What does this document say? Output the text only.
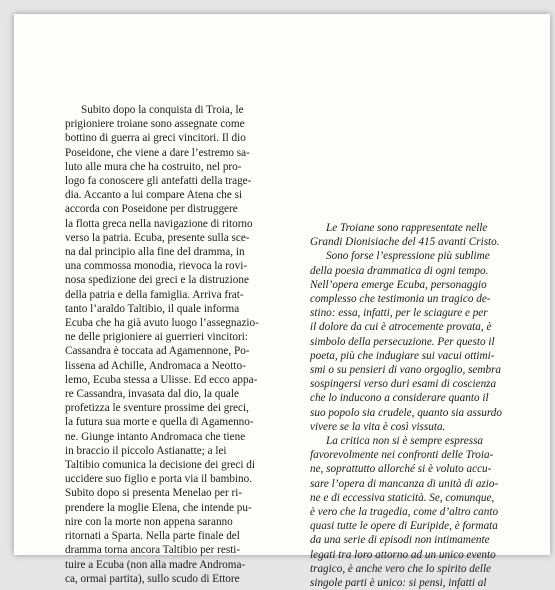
Subito dopo la conquista di Troia, le

prigioniere troiane sono assegnate come

bottino di guerra ai greci vincitori. Il dio

Poseidone, che viene a dare l’estremo sa-

luto alle mura che ha costruito, nel pro-

logo fa conoscere gli antefatti della trage-

dia. Accanto a lui compare Atena che si

accorda con Poseidone per distruggere

la flotta greca nella navigazione di ritorno

verso la patria. Ecuba, presente sulla sce-

na dal principio alla fine del dramma, in

una commossa monodia, rievoca la rovi-

nosa spedizione dei greci e la distruzione

della patria e della famiglia. Arriva frat-

tanto l’araldo Taltibio, il quale informa

Ecuba che ha già avuto luogo l’assegnazio-

ne delle prigioniere ai guerrieri vincitori:

Cassandra è toccata ad Agamennone, Po-

lissena ad Achille, Andromaca a Neotto-

lemo, Ecuba stessa a Ulisse. Ed ecco appa-

re Cassandra, invasata dal dio, la quale

profetizza le sventure prossime dei greci,

la futura sua morte e quella di Agamenno-

ne. Giunge intanto Andromaca che tiene

in braccio il piccolo Astianatte; a lei

Taltibio comunica la decisione dei greci di

uccidere suo figlio e porta via il bambino.

Subito dopo si presenta Menelao per ri-

prendere la moglie Elena, che intende pu-

nire con la morte non appena saranno

ritornati a Sparta. Nella parte finale del

dramma torna ancora Taltibio per resti-

tuire a Ecuba (non alla madre Androma-

ca, ormai partita), sullo scudo di Ettore

Le Troiane sono rappresentate nelle

Grandi Dionisiache del 415 avanti Cristo.

Sono forse l’espressione più sublime

della poesia drammatica di ogni tempo.

Nell’opera emerge Ecuba, personaggio

complesso che testimonia un tragico de-

stino: essa, infatti, per le sciagure e per

il dolore da cui è atrocemente provata, è

simbolo della persecuzione. Per questo il

poeta, più che indugiare sui vacui ottimi-

smi o su pensieri di vano orgoglio, sembra

sospingersi verso duri esami di coscienza

che lo inducono a considerare quanto il

suo popolo sia crudele, quanto sia assurdo

vivere se la vita è così vissuta.

La critica non si è sempre espressa

favorevolmente nei confronti delle Troia-

ne, soprattutto allorché si è voluto accu-

sare l’opera di mancanza di unità di azio-

ne e di eccessiva staticità. Se, comunque,

è vero che la tragedia, come d’altro canto

quasi tutte le opere di Euripide, è formata

da una serie di episodi non intimamente

legati tra loro attorno ad un unico evento

tragico, è anche vero che lo spirito delle

singole parti è unico: si pensi, infatti al
